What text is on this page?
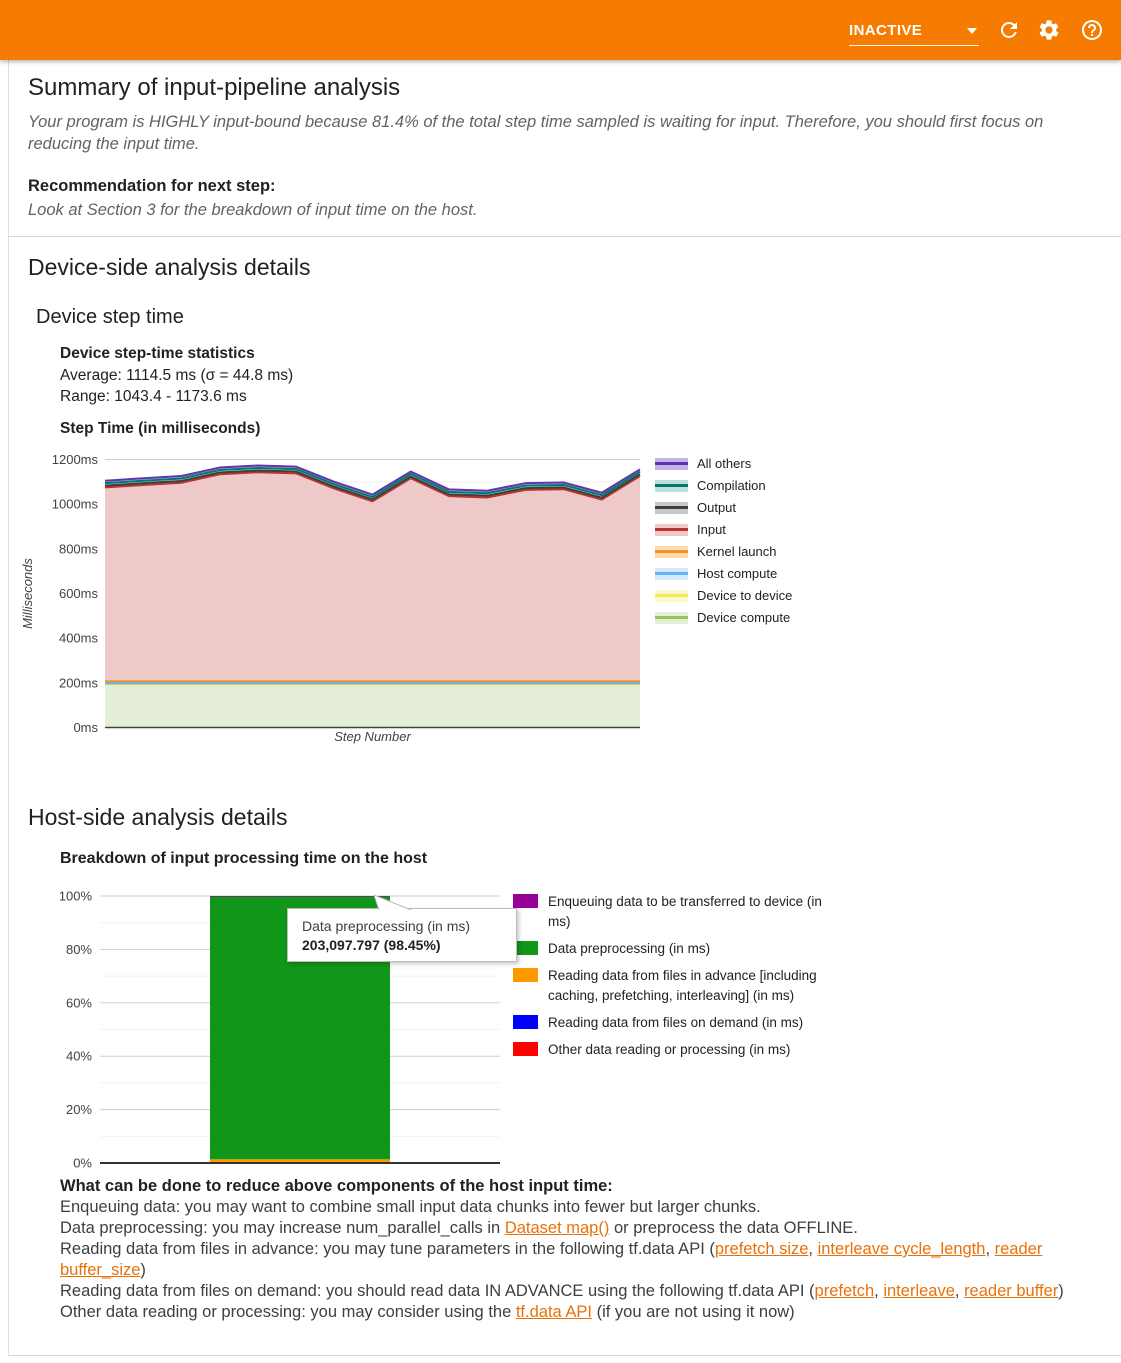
INACTIVE
Summary of input-pipeline analysis
Your program is HIGHLY input-bound because 81.4% of the total step time sampled is waiting for input. Therefore, you should first focus on reducing the input time.
Recommendation for next step:
Look at Section 3 for the breakdown of input time on the host.
Device-side analysis details
Device step time
Device step-time statistics
Average: 1114.5 ms (σ = 44.8 ms)
Range: 1043.4 - 1173.6 ms
Step Time (in milliseconds)
0ms
200ms
400ms
600ms
800ms
1000ms
1200ms
Step Number
Milliseconds
All others
Compilation
Output
Input
Kernel launch
Host compute
Device to device
Device compute
Host-side analysis details
Breakdown of input processing time on the host
0%
20%
40%
60%
80%
100%	Enqueuing data to be transferred to device (in ms)
Data preprocessing (in ms)
Reading data from files in advance [including caching, prefetching, interleaving] (in ms)
Reading data from files on demand (in ms)
Other data reading or processing (in ms)
Data preprocessing (in ms)
203,097.797 (98.45%)
What can be done to reduce above components of the host input time:
Enqueuing data: you may want to combine small input data chunks into fewer but larger chunks.
Data preprocessing: you may increase num_parallel_calls in Dataset map() or preprocess the data OFFLINE.
Reading data from files in advance: you may tune parameters in the following tf.data API (prefetch size, interleave cycle_length, reader buffer_size)
Reading data from files on demand: you should read data IN ADVANCE using the following tf.data API (prefetch, interleave, reader buffer)
Other data reading or processing: you may consider using the tf.data API (if you are not using it now)
